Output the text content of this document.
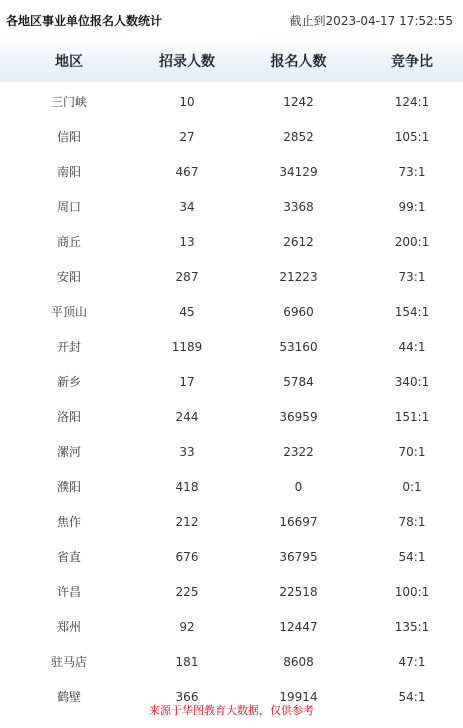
各地区事业单位报名人数统计	截止到2023-04-17 17:52:55
地区	招录人数	报名人数	竞争比
三门峡	10	1242	124:1
信阳	27	2852	105:1
南阳	467	34129	73:1
周口	34	3368	99:1
商丘	13	2612	200:1
安阳	287	21223	73:1
平顶山	45	6960	154:1
开封	1189	53160	44:1
新乡	17	5784	340:1
洛阳	244	36959	151:1
漯河	33	2322	70:1
濮阳	418	0	0:1
焦作	212	16697	78:1
省直	676	36795	54:1
许昌	225	22518	100:1
郑州	92	12447	135:1
驻马店	181	8608	47:1
鹤壁	366	19914	54:1
来源于华图教育大数据，仅供参考
